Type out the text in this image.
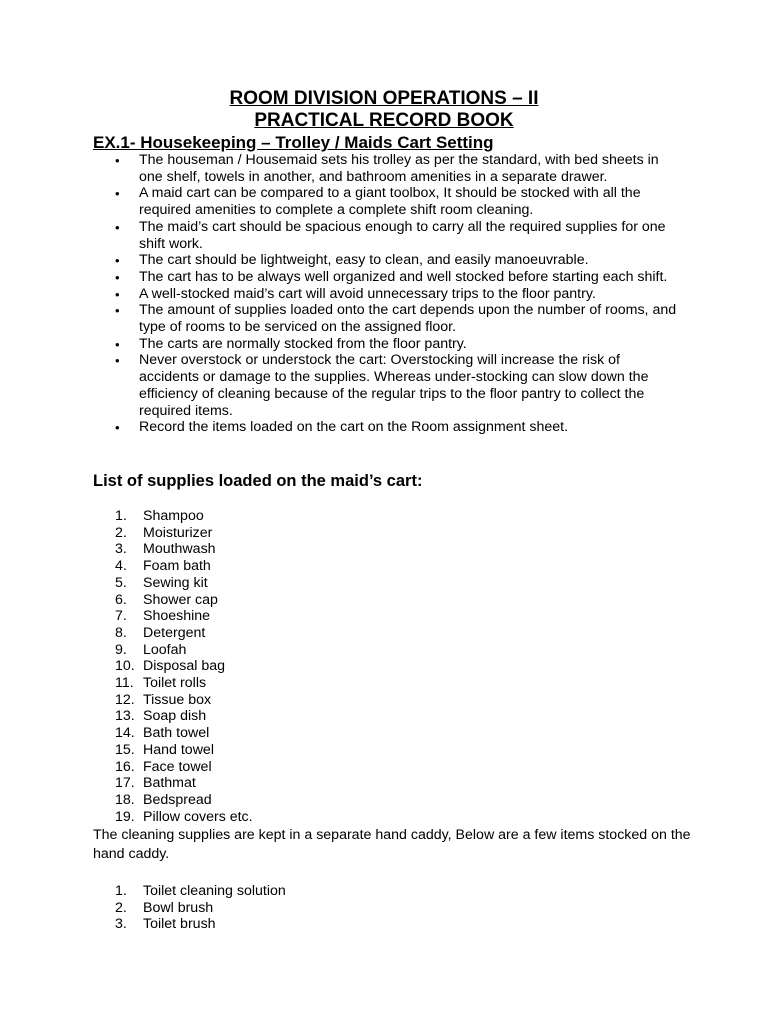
ROOM DIVISION OPERATIONS – II
PRACTICAL RECORD BOOK
EX.1- Housekeeping – Trolley / Maids Cart Setting
• The houseman / Housemaid sets his trolley as per the standard, with bed sheets in one shelf, towels in another, and bathroom amenities in a separate drawer.
• A maid cart can be compared to a giant toolbox, It should be stocked with all the required amenities to complete a complete shift room cleaning.
• The maid’s cart should be spacious enough to carry all the required supplies for one shift work.
• The cart should be lightweight, easy to clean, and easily manoeuvrable.
• The cart has to be always well organized and well stocked before starting each shift.
• A well-stocked maid’s cart will avoid unnecessary trips to the floor pantry.
• The amount of supplies loaded onto the cart depends upon the number of rooms, and type of rooms to be serviced on the assigned floor.
• The carts are normally stocked from the floor pantry.
• Never overstock or understock the cart: Overstocking will increase the risk of accidents or damage to the supplies. Whereas under-stocking can slow down the efficiency of cleaning because of the regular trips to the floor pantry to collect the required items.
• Record the items loaded on the cart on the Room assignment sheet.
List of supplies loaded on the maid’s cart:
1. Shampoo
2. Moisturizer
3. Mouthwash
4. Foam bath
5. Sewing kit
6. Shower cap
7. Shoeshine
8. Detergent
9. Loofah
10. Disposal bag
11. Toilet rolls
12. Tissue box
13. Soap dish
14. Bath towel
15. Hand towel
16. Face towel
17. Bathmat
18. Bedspread
19. Pillow covers etc.

The cleaning supplies are kept in a separate hand caddy, Below are a few items stocked on the hand caddy.

1. Toilet cleaning solution
2. Bowl brush
3. Toilet brush
